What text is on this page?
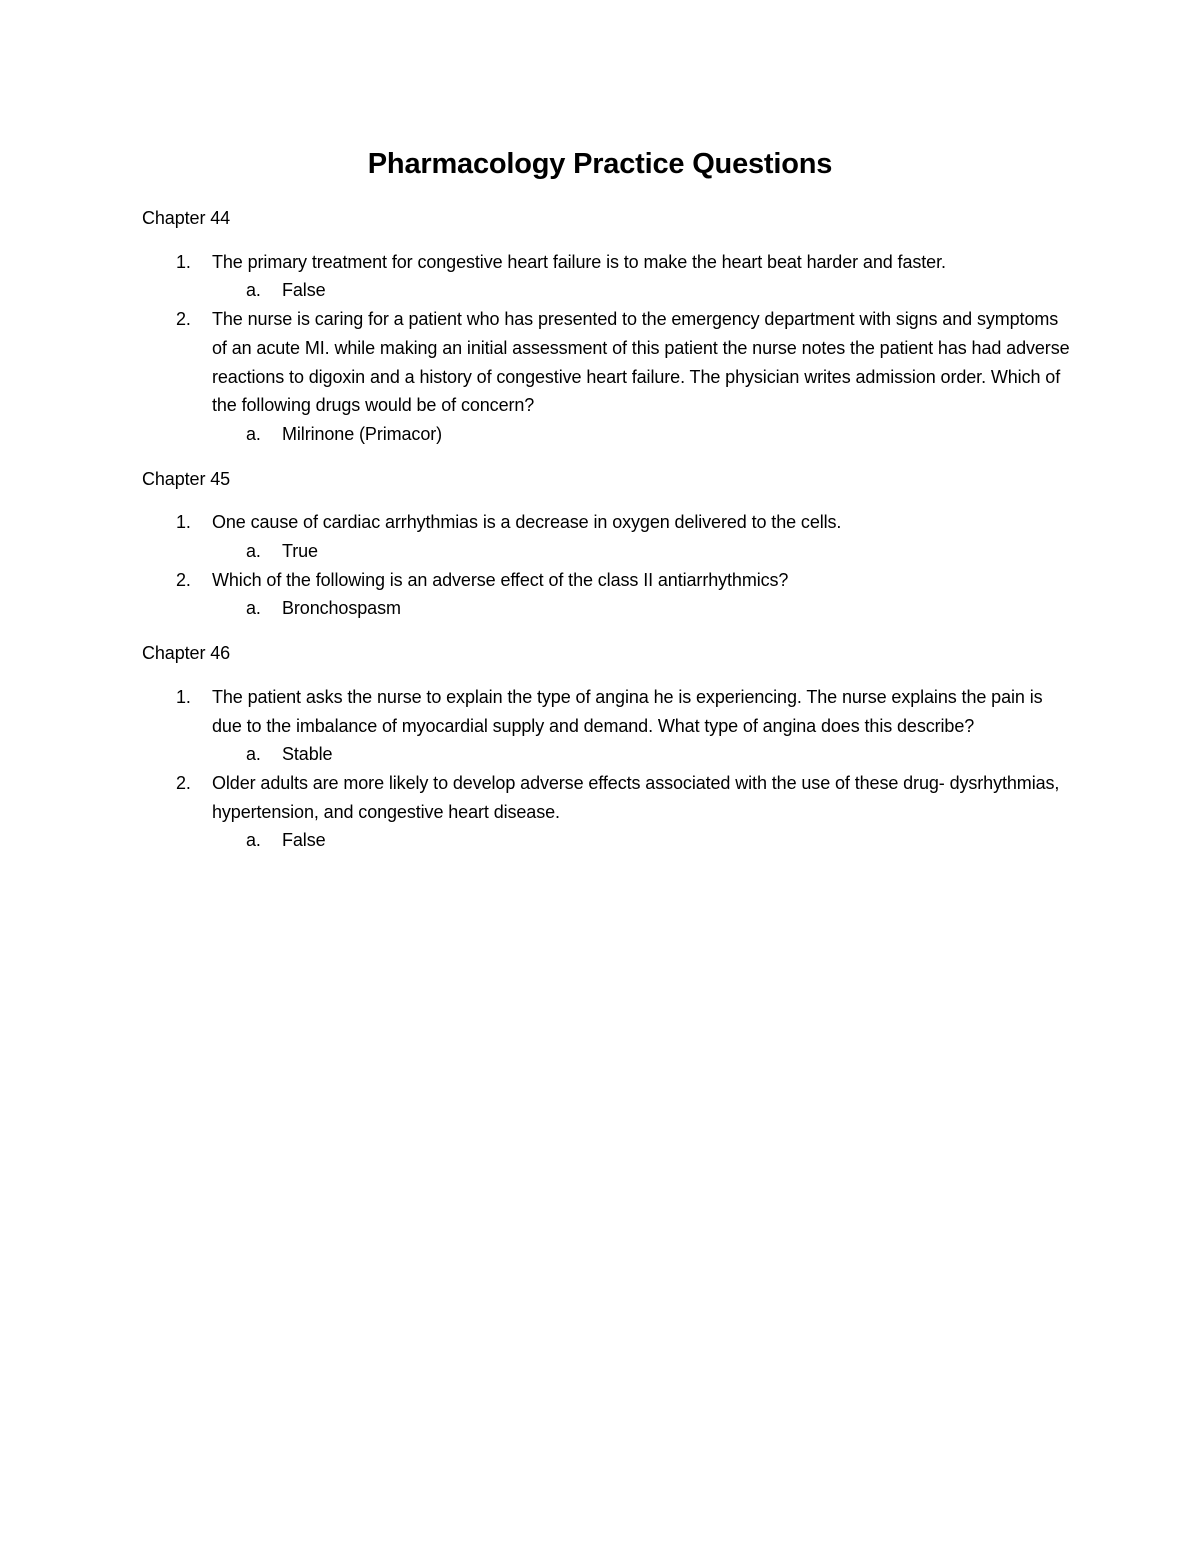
Pharmacology Practice Questions

Chapter 44

1. The primary treatment for congestive heart failure is to make the heart beat harder and faster.
a. False
2. The nurse is caring for a patient who has presented to the emergency department with signs and symptoms of an acute MI. while making an initial assessment of this patient the nurse notes the patient has had adverse reactions to digoxin and a history of congestive heart failure. The physician writes admission order. Which of the following drugs would be of concern?
a. Milrinone (Primacor)

Chapter 45

1. One cause of cardiac arrhythmias is a decrease in oxygen delivered to the cells.
a. True
2. Which of the following is an adverse effect of the class II antiarrhythmics?
a. Bronchospasm

Chapter 46

1. The patient asks the nurse to explain the type of angina he is experiencing. The nurse explains the pain is due to the imbalance of myocardial supply and demand. What type of angina does this describe?
a. Stable
2. Older adults are more likely to develop adverse effects associated with the use of these drug- dysrhythmias, hypertension, and congestive heart disease.
a. False
